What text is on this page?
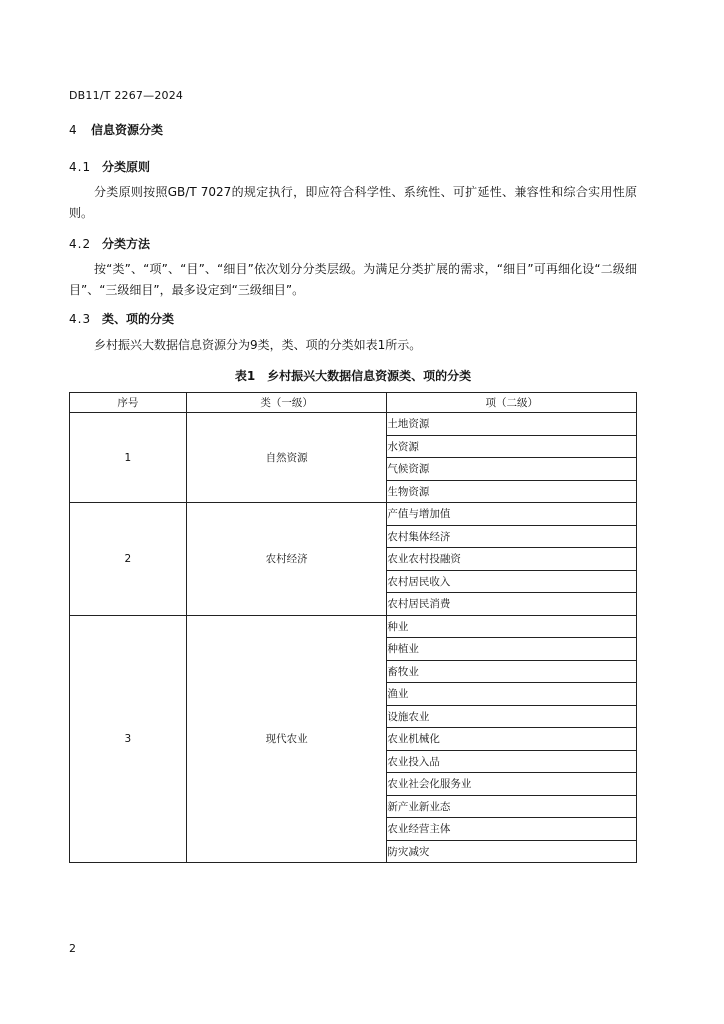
DB11/T 2267—2024
4 信息资源分类
4.1 分类原则
分类原则按照GB/T 7027的规定执行，即应符合科学性、系统性、可扩延性、兼容性和综合实用性原则。
4.2 分类方法
按“类”、“项”、“目”、“细目”依次划分分类层级。为满足分类扩展的需求，“细目”可再细化设“二级细目”、“三级细目”，最多设定到“三级细目”。
4.3 类、项的分类
乡村振兴大数据信息资源分为9类，类、项的分类如表1所示。
表1　乡村振兴大数据信息资源类、项的分类
序号	类（一级）	项（二级）
1	自然资源	土地资源
		水资源
		气候资源
		生物资源
2	农村经济	产值与增加值
		农村集体经济
		农业农村投融资
		农村居民收入
		农村居民消费
3	现代农业	种业
		种植业
		畜牧业
		渔业
		设施农业
		农业机械化
		农业投入品
		农业社会化服务业
		新产业新业态
		农业经营主体
		防灾减灾
2
